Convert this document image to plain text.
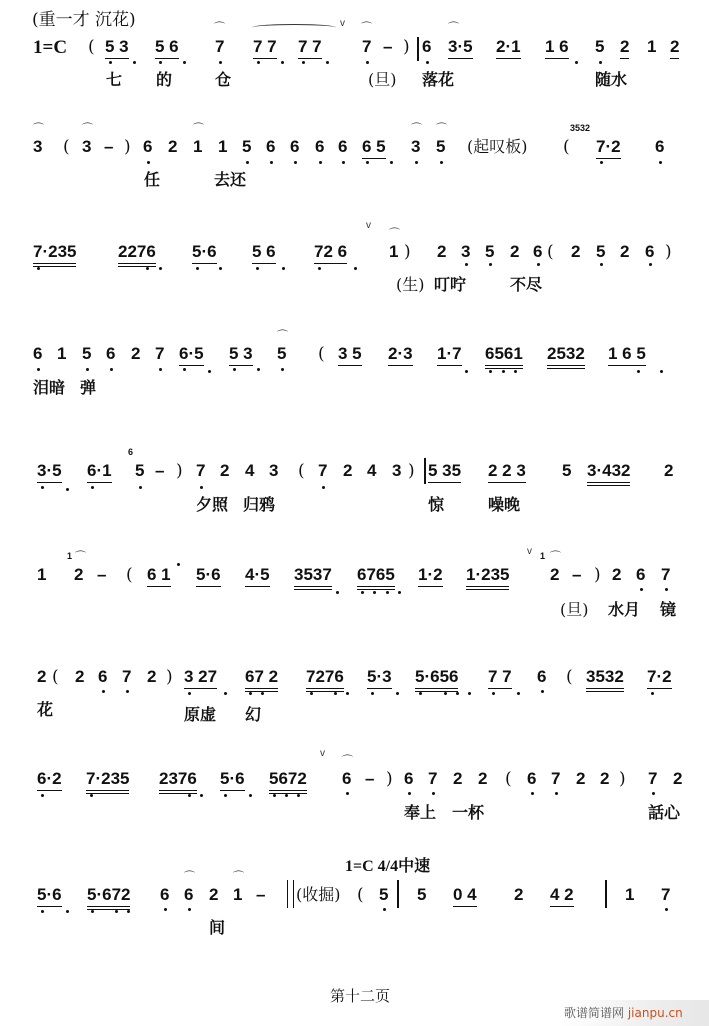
(重一才 沉花)
1=C ( 5 3 5 6 7 7 7 7 7 7 – ) 6 3·5 2·1 1 6 5 2 1 2
⌒	⌒	⌒
v
七 的	仓	(旦) 落花	随水
3 ( 3 – ) 6 2 1 1 5 6 6 6 6 6 5 3 5 (起叹板) (
3532
7·2 6
⌒	⌒	⌒	⌒ ⌒
任	去还
7·235 2276 5·6 5 6 72 6 1 ) 2 3 5 2 6 ( 2 5 2 6 )
⌒
v
(生) 叮咛	不尽
6 1 5 6 2 7 6·5 5 3 5 ( 3 5 2·3 1·7 6561 2532 1 6 5
⌒
泪暗 弹
3·5 6·1
6
5 – ) 7 2 4 3 ( 7 2 4 3 ) 5 35 2 2 3 5 3·432 2
夕照 归鸦	惊	噪晚
1
1
2 – ( 6 1 5·6 4·5 3537 6765 1·2 1·235
1
2 – ) 2 6 7
⌒	⌒
v
(旦) 水月 镜
2 ( 2 6 7 2 ) 3 27 67 2 7276 5·3 5·656 7 7 6 ( 3532 7·2
花	原虚 幻
6·2 7·235 2376 5·6 5672 6 – ) 6 7 2 2 ( 6 7 2 2 ) 7 2
⌒
v
奉上 一杯	話心
1=C 4/4中速
5·6 5·672 6 6 2 1 – (收掘) ( 5 5 0 4 2 4 2	1 7
⌒	⌒
间
第十二页
歌谱简谱网 jianpu.cn
